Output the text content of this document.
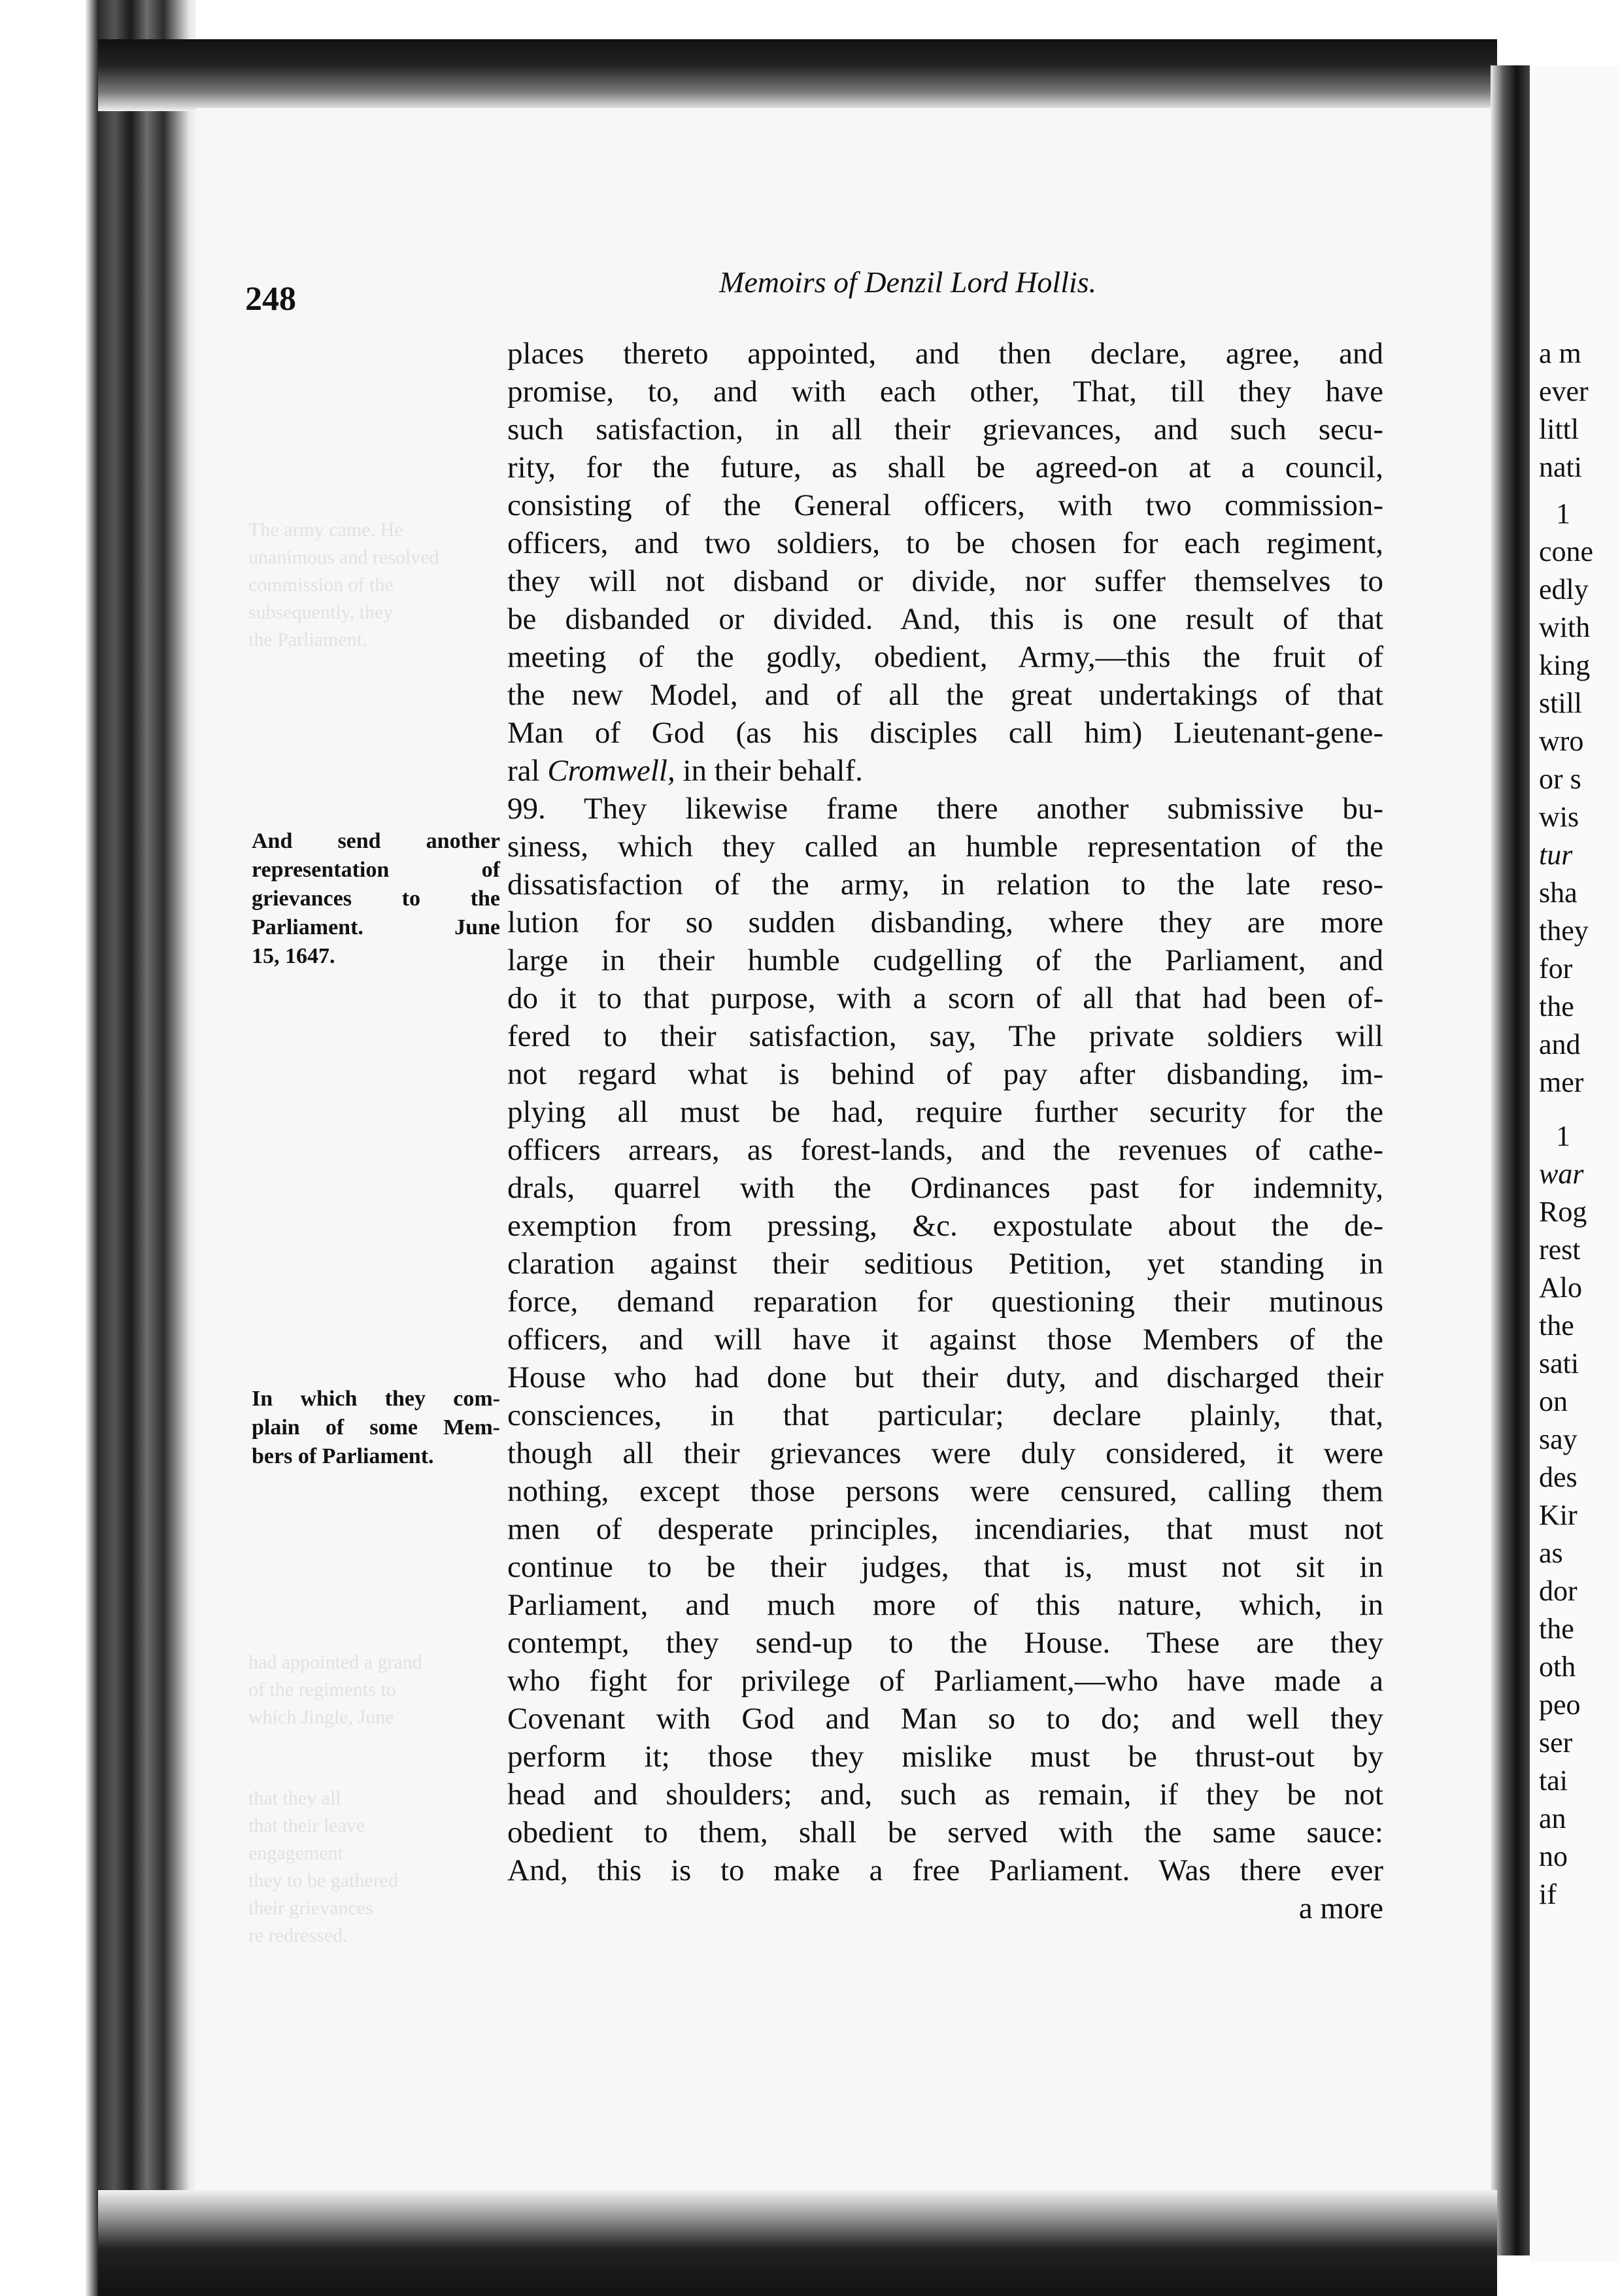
a m
ever
littl
nati
1
cone
edly
with
king
still
wro
or s
wis
tur
sha
they
for
the
and
mer
1
war
Rog
rest
Alo
the
sati
on
say
des
Kir
as
dor
the
oth
peo
ser
tai
an
no
if
The army came. He
unanimous and resolved
commission of the
subsequently, they
the Parliament.

had appointed a grand
of the regiments to
which Jingle, June

that they all
that their leave
engagement
they to be gathered
their grievances
re redressed.
248	Memoirs of Denzil Lord Hollis.
places thereto appointed, and then declare, agree, and
promise, to, and with each other, That, till they have
such satisfaction, in all their grievances, and such secu-
rity, for the future, as shall be agreed-on at a council,
consisting of the General officers, with two commission-
officers, and two soldiers, to be chosen for each regiment,
they will not disband or divide, nor suffer themselves to
be disbanded or divided. And, this is one result of that
meeting of the godly, obedient, Army,—this the fruit of
the new Model, and of all the great undertakings of that
Man of God (as his disciples call him) Lieutenant-gene-
ral Cromwell, in their behalf.
99. They likewise frame there another submissive bu-
siness, which they called an humble representation of the
dissatisfaction of the army, in relation to the late reso-
lution for so sudden disbanding, where they are more
large in their humble cudgelling of the Parliament, and
do it to that purpose, with a scorn of all that had been of-
fered to their satisfaction, say, The private soldiers will
not regard what is behind of pay after disbanding, im-
plying all must be had, require further security for the
officers arrears, as forest-lands, and the revenues of cathe-
drals, quarrel with the Ordinances past for indemnity,
exemption from pressing, &c. expostulate about the de-
claration against their seditious Petition, yet standing in
force, demand reparation for questioning their mutinous
officers, and will have it against those Members of the
House who had done but their duty, and discharged their
consciences, in that particular; declare plainly, that,
though all their grievances were duly considered, it were
nothing, except those persons were censured, calling them
men of desperate principles, incendiaries, that must not
continue to be their judges, that is, must not sit in
Parliament, and much more of this nature, which, in
contempt, they send-up to the House. These are they
who fight for privilege of Parliament,—who have made a
Covenant with God and Man so to do; and well they
perform it; those they mislike must be thrust-out by
head and shoulders; and, such as remain, if they be not
obedient to them, shall be served with the same sauce:
And, this is to make a free Parliament. Was there ever
a more
And send another
representation of
grievances to the
Parliament. June
15, 1647.
In which they com-
plain of some Mem-
bers of Parliament.
